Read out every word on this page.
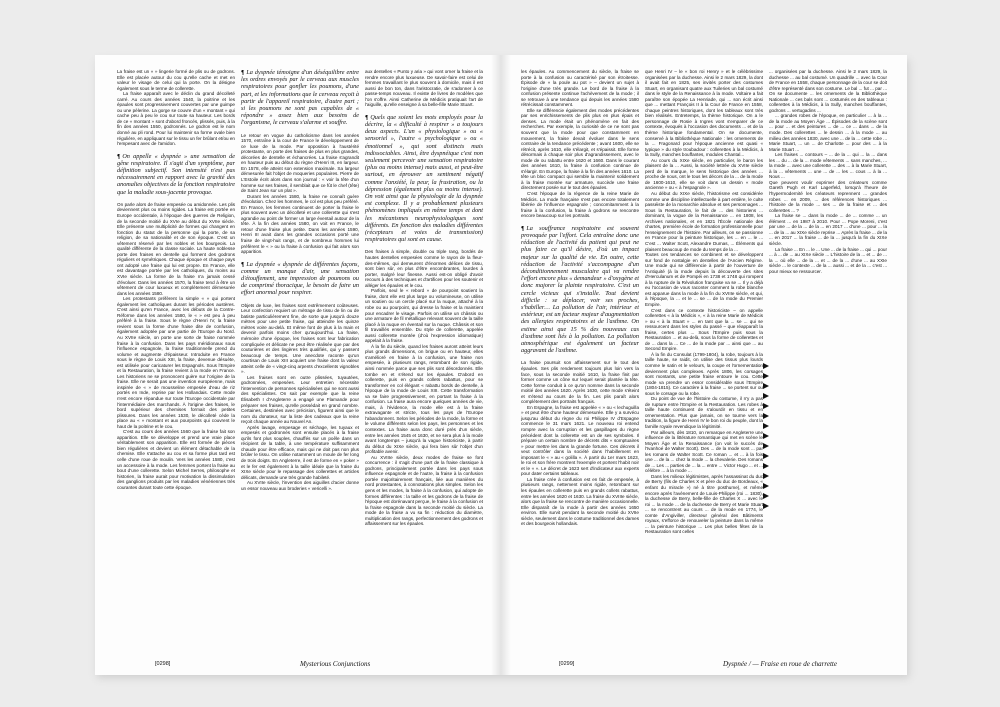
La fraise est un « » lingerie formé de plis ou de godrons. Elle est placée autour du cou qu'elle cache et met en valeur le visage de celui qui la porte. On la désigne également sous le terme de collerette.

La fraise apparaît avec le déclin du grand décolleté carré. Au cours des années 1540, la poitrine et les épaules sont progressivement couvertes par une guimpe ou une pèlerine. La gorge se couvre d'un « montant » qui cache peu à peu le cou sur toute sa hauteur. Les bords de ce « montant » sont d'abord froncés, plissés, puis, à la fin des années 1550, godronnés. Le godron est le nom donné au pli rond. Pour lui maintenir sa forme ovale bien régulière, en appliquant sur le tissu un fer brûlant et/ou en l'empesant avec de l'amidon.

¶ On appelle « dyspnée » une sensation de gêne respiratoire. Il s'agit d'un symptôme, par définition subjectif. Son intensité n'est pas nécessairement en rapport avec la gravité des anomalies objectives de la fonction respiratoire que la maladie sous-jacente provoque.

On parle alors de fraise empesée ou amidonnée. Les plis deviennent plus ou moins rigides. La fraise est portée en Europe occidentale, à l'époque des guerres de Religion, de la seconde moitié du XVIe au début du XVIIe siècle. Elle présente une multiplicité de formes qui changent en fonction du statut de la personne qui la porte, de sa religion, de sa nationalité et de son époque. C'est un vêtement réservé par les nobles et les bourgeois. La qualité différente de la classe sociale. La haute noblesse porte des fraises en dentelle qui forment des godrons réguliers et symétriques. Chaque époque et chaque pays ont adopté une fraise qui lui est propre. En France, elle est davantage portée par les catholiques, du moins au XVIe siècle. La forme de la fraise n'a jamais cessé d'évoluer. Dans les années 1570, la fraise tend à être un vêtement de cour luxueux et complètement démesurée dans les années 1580.

Les protestants préfèrent la simple « » qui portent également les catholiques durant les périodes austères. C'est ainsi qu'en France, avec les débuts de la Contre-Réforme dans les années 1580, le « » est peu à peu préféré à la fraise. Sous le règne d'Henri IV, la fraise revient sous la forme d'une fraise dite de confusion, également adoptée par une partie de l'Europe du Nord. Au XVIIe siècle, on porte une sorte de fraise nommée fraise à la confusion. Dans les pays méridionaux sous l'influence espagnole, la fraise traditionnelle prend du volume et augmente d'épaisseur. Introduite en France sous le règne de Louis XIII, la fraise, devenue désuète, est utilisée pour caricaturer les Espagnols. Sous l'Empire et la Restauration, la fraise revient à la mode en France. Les historiens ne se prononcent guère sur l'origine de la fraise. Elle ne serait pas une invention européenne, mais inspirée de « » de mousseline empesée d'eau de riz portés en Inde, reprise par les Hollandais. Cette mode n'est encore répandue sur toute l'Europe occidentale par l'intermédiaire des marchands. À l'origine des fraises, le bord supérieur des chemises formait des petites plissures. Dans les années 1530, le décolleté cède la place au « » montant et aux pourpoints qui couvrent le haut de la poitrine et le cou.

C'est au cours des années 1560 que la fraise fait son apparition. Elle se développe et prend une vraie place véritablement son apparition. Elle est formée de pièces bien régulières et devient un élément détachable de la chemise. Elle s'attache au cou et sa forme plus tard est celle d'une roue de moulin. Vers les années 1580, c'est un accessoire à la mode. Les femmes portent la fraise au bout d'une collerette. Selon Michel Serres, philosophe et historien, la fraise aurait pour motivation la dissimulation des ganglions produits par les maladies vénériennes très courantes durant toute cette époque.

¶ La dyspnée témoigne d'un déséquilibre entre les ordres envoyés par le cerveau aux muscles respiratoires pour gonfler les poumons, d'une part, et les informations que le cerveau reçoit à partir de l'appareil respiratoire, d'autre part ; si les poumons ne sont pas capables de « répondre » assez bien aux besoins de l'organisme, le cerveau s'alarme et souffre.

Le retour en vogue du catholicisme dans les années 1570, entraîne à la cour de France le développement de ce luxe de la mode. Par opposition à l'austérité protestante, on porte des fraises de plus en plus grandes, décorées de dentelle et échancrées. La fraise s'agrandit en hauteur puis au début du règne d'Henri III, en largeur. En 1578, elle atteint son extension maximale. Sa largeur démesurée fait l'objet de moqueries populaires. Pierre de L'Estoile écrit alors dans son journal : « voir la tête d'un homme sur ses fraises, il semblait que ce fût le chef (tête) de Saint Jean sur un plat ».

Durant les années 1580, la fraise ne connaît guère d'évolution. Chez les hommes, le col est plus peu préféré. En France, les femmes continuent de porter la fraise le plus souvent avec un décolleté et une collerette qui s'est agrandie au point de former un large éventail autour de la tête. À la fin des années 1580, on voit en France, le retour d'une fraise plus petite. Dans les années 1590, Henri III avait dans les grandes occasions porté une fraise de vingt-huit rangs, et de nombreux hommes lui préfèrent le « » ou la fraise à confusion qui fait alors son apparition.

¶ La dyspnée « dyspnée de différentes façons, comme un manque d'air, une sensation d'étouffement, une impression de poumons ou de comprimé thoracique, le besoin de faire un effort anormal pour respirer.

Objets de luxe, les fraises sont extrêmement coûteuses. Leur confection requiert un mètrage de tissu de lin ou de batiste particulièrement fine, de sorte que jusqu'à douze mètres pour une petite fraise, qui atteindre les quinze mètres voire au-delà. Et même font de plus à la main et devenir parfois moins cher qu'aujourd'hui. La fraise, mémoire d'une époque, les fraises sont leur fabrication compliquée et délicate ne peut être réalisée que par des couturières et des lingères très qualifiés, qui y passent beaucoup de temps. Une anecdote raconte qu'un courtisan de Louis XIII acquiert une fraise dont la valeur atteint celle de « vingt-cinq arpents d'excellents vignobles ».

Les fraises sont en outre plissées, tuyautées, godronnées, empesées. Leur entretien nécessite l'intervention de personnes spécialisées qui ne sont aussi des spécialistes. On sait par exemple que la reine Élisabeth I d'Angleterre a engagé une Flamande pour préparer ses fraises, qu'elle possédait en grand nombre. Certaines, destinées avec précision, figurent ainsi que le nom du donateur, sur la liste des cadeaux que la reine reçoit chaque année au Nouvel An.

Après lavage, empesage et séchage, les tuyaux et empesés et godronnés sont ensuite placés à la fraise qu'ils font plus souples, chauffés sur un poêle dans un récipient de la table, à une température suffisamment chaude pour être efficace, mais qui ne doit pas non plus brûler le tissu. On utilise notamment un moule de fer long de trois doigts. En Angleterre, il est de forme en « poker » et le fer est également à la taille idéale que la fraise du XIXe siècle pour le repassage des collerettes et articles délicats, demande une très grande habileté.

Au XVIIe siècle, l'invention des aiguilles d'acier donne un essor nouveau aux broderies « vericelli ».

aux dentelles « Punto y aria » qui vont orner la fraise et la rendre encore plus luxueuse. De savoir-faire est celui de femmes travaillant le plus souvent à domicile, mais il est aussi de bon ton, dans l'aristocratie, de s'adonner à ce passe-temps nouveau. Il existe de livres de modèles que l'on s'offre. Ainsi Catherine de Médicis pratiquait l'art de l'aiguille, qu'elle enseigne à sa belle-fille Marie Stuart.

¶ Quels que soient les mots employés pour la décrire, la « difficulté à respirer » a toujours deux aspects. L'un « physiologique » ou « sensoriel », l'autre « psychologique » ou « émotionnel », qui sont distincts mais indissociables. Ainsi, être dyspnéique c'est non seulement percevoir une sensation respiratoire (plus ou moins intense) mais aussi, et peut-être surtout, en éprouver un sentiment négatif comme l'anxiété, la peur, la frustration, ou la dépression (également plus ou moins intense). On voit ainsi que la physiologie de la dyspnée est complexe. Il y a probablement plusieurs phénomènes impliqués en même temps et dont les mécanismes neurophysiologiques sont différents. En fonction des maladies différentes (récepteurs et voies de transmission) respiratoires qui sont en cause.

Des fraises à simple, double ou triple rang, bordés de hautes dentelles empesées comme le rayon de la fleur-des-mêmes, qui demeurent d'énormes délices de tissu, sont bien sûr, en plus d'être encombrantes, lourdes à porter, malgré leur finesse. Aussi est-on obligé d'avoir recours à des techniques et d'artifices pour les soutenir et alléger les épaules et le cou.

Parfois, seul le « rebord » de pourpoint soutient la fraise, dont elle est plus large ou volumineuse, on utilise un soutien ou un cercle placé sur la nuque, attaché à la robe ou au pourpoint, qui dresse la fraise et la maintient pour encadrer le visage. Parfois on utilise un châssis ou une armature de fil métallique relevant souvent de la taille placé à la nuque en éventail sur la nuque. Châssis et son fil travaillés ensemble. Du style de collerette, appelée aussi collerette montée (d'où l'expression idiomatique) appelait à la fraise.

À la fin du siècle, quand les fraises auront atteint leurs plus grands dimensions, on brigue ou en hauteur, elles s'amélioré en fraise à la confusion, une fraise non empesée, à plusieurs rangs, retombant de son rigide, ainsi nommée parce que ses plis sont désordonnés. Elle tombe en et s'étend sur les épaules. D'abord en collerette, puis en grands collets rabattus, pour se transformer en col élégant « rabattu bords de dentelle, à l'époque de la mode de Louis XIII. Cette transformation va se faire progressivement, en portant la fraise à la confusion. La fraise aura encore quelques années de vie, mais, à l'évidence, la mode elle est à la fraise extravagante et stricte, tous les pays de l'Europe l'abandonnent. Selon les périodes de la mode, la forme et le volume différents selon les pays, les personnes et les contextes. La fraise aura donc duré près d'un siècle, entre les années 1545 et 1630, et ne sera plus à la mode avant longtemps – jusqu'à la vague historiciste, à partir du début du XIXe siècle, qui fera bien sûr l'objet d'un profitable avenir.

Au XVIIIe siècle, deux modes de fraise se font concurrence : il s'agit d'une part de la fraise classique à godrons, principalement portée dans les pays sous influence espagnole et de l'autre, la fraise à la confusion portée majoritairement français, liée aux manières du nord protestantes, à connotations plus simples. Selon les gens et les modes, la fraise à la confusion, qui adopte de formes différentes : la taille et les godrons de la fraise de l'époque est dorénavant perçue, le fraise à la confusion et la fraise espagnole dans la seconde moitié du siècle. La mode de la fraise a vu sa fin : réduction du diamètre, multiplication des rangs, perfectionnement des godrons et affaissement sur les épaules.

[0298]	Mysterious Conjunctions

les épaules. Au commencement du siècle, la fraise se porte à la confusion ou caractérisé par son étroitesse. Épisode de « la poule au pot » – devient un sujet à l'origine d'une très grande. Le bord de la fraise à la confusion présente continue l'achèvement de la mode ; il se retrouve à une tendance qui depuis les années 1580 rétrécissait constamment.

Elle se différencie également des modes précédentes par ses enrichissements de plis plus en plus épais et denses. La mode était un phénomène en fait des recherches. Par exemple, la curiosité de ce ne sont pas souvent que la mode pour que constamment en mouvement, la fraise devait évoluer dans le sens contraire de la tendance précédente ; avant 1600, elle se rétrécit, après 1610, elle s'élargit, et s'épaissit. Elle forme désormais à chaque soir plus d'agrandissement, avec le mode de ou rabattu entre 1620 et 1660. Dans le courant des années 1610, la fraise à confusion continue de s'élargir. En Europe, la fraise à la fin des années 1610. La tête un bloc compact qui semble la maintenir solidement à la fraise montée sur armature, succède une fraise directement posée sur le tout des épaules.

C'est l'époque de la régence de la reine Marie de Médicis. La mode française s'est pas encore totalement libérée de l'influence espagnole ; concomitamment à la fraise à la confusion, la fraise à godrons se rencontre encore beaucoup sur les portraits.

¶ La souffrance respiratoire est souvent provoquée par l'effort. Cela entraîne donc une réduction de l'activité du patient qui peut ne plus faire ce qu'il désire, d'où un impact majeur sur la qualité de vie. En outre, cette réduction de l'activité s'accompagne d'un déconditionnement musculaire qui va rendre l'effort encore plus « demandeur » d'oxygène et donc majorer la plainte respiratoire. C'est un cercle vicieux qui s'installe. Tout devient difficile : se déplacer, voir ses proches, s'habiller… La pollution de l'air, intérieur et extérieur, est un facteur majeur d'augmentation des allergies respiratoires et de l'asthme. On estime ainsi que 15 % des nouveaux cas d'asthme sont liés à la pollution. La pollution atmosphérique est également un facteur aggravant de l'asthme.

La fraise poursuit son affaissement sur le tout des épaules. Ses plis rendement toujours plus loin vers la face, sous la seconde moitié 1610, la fraise finit par former comme un cône sur lequel serait plantée la tête. Cette forme conduit à ce qu'on nomme dans la seconde moitié des années 1620. Après 1630, cette mode s'éteint et s'étend au cours de la fin. Les plis paraît alors complètement des portraits français.

En Espagne, la fraise est appelée « » ou « lechuguilla » et peut être d'une hauteur démesurée. Elle y a survécu jusqu'au début du règne du roi Philippe IV d'Espagne commence le 31 mars 1621. Le nouveau roi entend rompre avec la corruption et les gaspillages du règne précédent dont la collerette est un de ses symboles. Il prépare un certain nombre de décrets dits « somptuaires » pour mettre les dans la grande fortune. Ces décrets il veut contrôler dans la société dans l'habillement en imposant le « » au « golilla ». À partir du 1er mars 1623, le roi et son frère montrent l'exemple et portent l'habit noir et le « ». Le décret de 1623 sert d'indicateur aux experts pour dater certains tableaux.

La fraise crée à confusion est en fait de empesée, à plusieurs rangs, nettement moins rigide, retombant sur les épaules en collerette puis en grands collets rabattus, entre les années 1620 et 1630. La fraise du XVIIIe siècle, alors que la fraise se rencontre de manière occasionnelle. Elle disparaît de la mode à partir des années 1650 environ. Elle survit pendant la seconde moitié du XVIIe siècle, seulement dans le costume traditionnel des dames et des bourgeois hollandais.

que Henri IV – le « bon roi Henry » et le célèbrissime organisées par la duchesse. Ainsi le 2 mars 1829, la dont il avait fait en 1825, ses invités porter des costumes Stuart, en organisant quatre aux Tuileries un bal costumé dans le style de la Renaissance à la mode. Voltaire a fait paraître son épopée La Henriade, qui ... son écrit ainsi que ... mettant François II à la Cour de France en 1558, chaque peintres historiques, dont les tableaux sont très bien réalisés. Entretemps, la thème historique. On a le personnage de Rosie à Ingres vont s'emparer de ce contexte, évoqués à l'occasion des documents ... et de la thème historique fondamental. On se documente, conservé à la Bibliothèque Nationale : les ornements de la ... Fragonard pour l'époque ancienne est quasi « typique » du style troubadour : collerettes à la Médicis, à la Sully, manches bouffantes, modules Chantal...

Au cours du XIXe siècle, en particulier, le baron les plaisent de la ... Aussi, la société lettrée du XVIIe siècle perd de la marque, le sens historique des années ... proche de nous, ont le tous les décors de la ... de la mode de 1600-1610, elle se voit dans un dessin « mode ancienne » ou « à l'espagnole ».

Au début du XIXe siècle, l'historisme est considérée comme une discipline intellectuelle à part entière, le culte passéiste de la monarchie absolue et ses personnages ... Sous la Restauration, le fait de ... des historiens ... dominant, la vogue de la Renaissance ... en 1808, les Archives nationales, et en 1821 l'École nationale des chartes, première école de formation professionnelle pour l'enseignement de l'histoire. Par ailleurs, on se passionne en France pour la peinture historique, les ... en ... le ... C'est ... Walter Scott, Alexandre Dumas, ... Éléments qui plaisent beaucoup de mode du temps de la ...

Toutes ces tendances se combinent et se développent sur fond de nostalgie en dentelles de l'Ancien Régime. Une mode qui se différencie à partir de l'ouverture de l'Antiquité (à la mode depuis la découverte des sites d'Herculanum et de Pompéi en 1738 et 1748 qui rompent à la rupture de la Révolution française va se ... Il y a déjà eu l'occasion de vous raconter comment la robe blanche est apparue dans la mode à la fin du XVIIIe siècle, et qui, à l'époque, la ... et le ... se ... de la mode du Premier Empire.

C'est dans ce contexte historiciste – on appelle collerettes « à la Médicis », « à la reine Marie de Médicis » ou « à la Stuart » ... en tant que la ... se ... qui se ressourcent dans les styles du passé – que réapparaît la fraise, certes plus ... Sous l'Empire puis sous la Restauration ... et au-delà, sous la forme de collerettes et de ... dans la ... Ce ... de la mode par ... ainsi que ... au Second Empire.

À la fin du Consulat (1799-1804), la robe, toujours à la taille haute, se raidit, on utilise des tissus plus lourds comme le satin et le velours, la coupe et l'ornementation deviennent plus complexes. Après 1806, les corsages sont montants, une petite fraise entoure le cou. Cette mode va prendre un essor considérable sous l'Empire (1804-1815). Ce caractère à la fraise ... se portent sur ou sous le corsage ou la robe.

Du point de vue de l'histoire du costume, il n'y a pas de rupture entre l'Empire et la Restauration. Les robes à taille haute continuent de s'alourdir en tissu et en ornementation. Plus que jamais, on se tourne vers la tradition, la figure de Henri IV le bon roi du peuple, dont la famille royale revendique la légitimité.

Par ailleurs, dès 1810, on remarque en Angleterre une influence de la littérature romantique qui met en scène le Moyen Âge et la Renaissance (on voit le succès de l'Ivanhoé de Walter Scott). Des ... de la mode sont ... par les romans de Walter Scott. Ce roman ... et ... à la fois une ... de la ... chez la mode ... la chevalerie. Des romans de ... Les ... parties de ... la ... entre ... Victor Hugo ... et ... célèbre ... à la mode ...

Dans les milieux légitimistes, après l'assassinat du duc de Berry (fils de Charles X et père du duc de Bordeaux, « enfant du miracle ») né à titre posthume), et même encore après l'avènement de Louis-Philippe (roi ... 1830), la duchesse de Berry, belle-fille de Charles X ... avec le roi ... la mode ... de la duchesse de Berry et Marie Stuart ... se rencontrent au cours ... de la mode en 1774, le comte d'Angiviller, directeur général des Bâtiments royaux, s'efforce de renouveler la peinture dans la même ... la peinture historique ... Les plus belles fêtes de la Restauration sont celles

... organisées par la duchesse. Ainsi le 2 mars 1829, la duchesse ... au bal costumé. Un quadrille ... avec la Cour de France en 1558, chaque personnage de la cour se doit d'être représenté dans son costume. Le bal ... fut ... par ... On se documente ... les ornements de la Bibliothèque Nationale ... ces bals sont ... costumés en des tableaux : collerettes à la Médicis, à la Sully, manches bouffantes, godrons ... vertugadins ...

... grandes robes de l'époque, en particulier ... à la ... de la mode au Moyen Âge ... Épisodes de la scène sont ... pour ... et des peintures ... de ... ce ... dans ... de la mode. Des collerettes ... le dessin ... à la mode ... au milieu des années 1830, avec une ... de la ... cette robe ... Marie Stuart, ... un ... de Charlotte ... pour des ... à la Marie Stuart ...

Les fraises ... contours – ... de la ... qui ... la ... dans les ... du ... de la ... mode vêtements ... sans manches, ... la mode ... avec une collerette ... des ... à la Marie Stuart, à la ... vêtements ... une ... de ... les ... cous ... à la ... Nous ...

Que peuvent voulir exprimer des créateurs comme Gareth Pugh et Karl Lagerfeld, lorsqu'à l'heure de l'hypermodernité les créateurs reprennent ... grandes robes ... en 2009, ... des références historiques ... l'histoire de la mode ... ses ... de la fraise et ... des collerettes ... ?

La fraise se ... dans la mode ... de ... comme ... un élément ... en 1987 à 2010. Pour ... Pope Moreni, c'est par une ... de la ... de la ... en 2017 ... d'une ... pour ... la ... de la ... au XIXe siècle reprise ... Après la fraise ... de la ... en 2017 ... la fraise ... de la ... jusqu'à la fin du XIXe siècle.

La fraise ... En ... le ... Une ... de la fraise ... qui ... pour ... à ... de ... au XIXe siècle ... L'histoire de la ... et ... de ... la ... où elle ... de la ... et ... de la ... d'une ... au XXIe siècle ... le contexte ... de la ... aussi ... et de la ... c'est ... pour mieux se ressourcer.

[0299]	Dyspnée / — Fraise en roue de charrette
